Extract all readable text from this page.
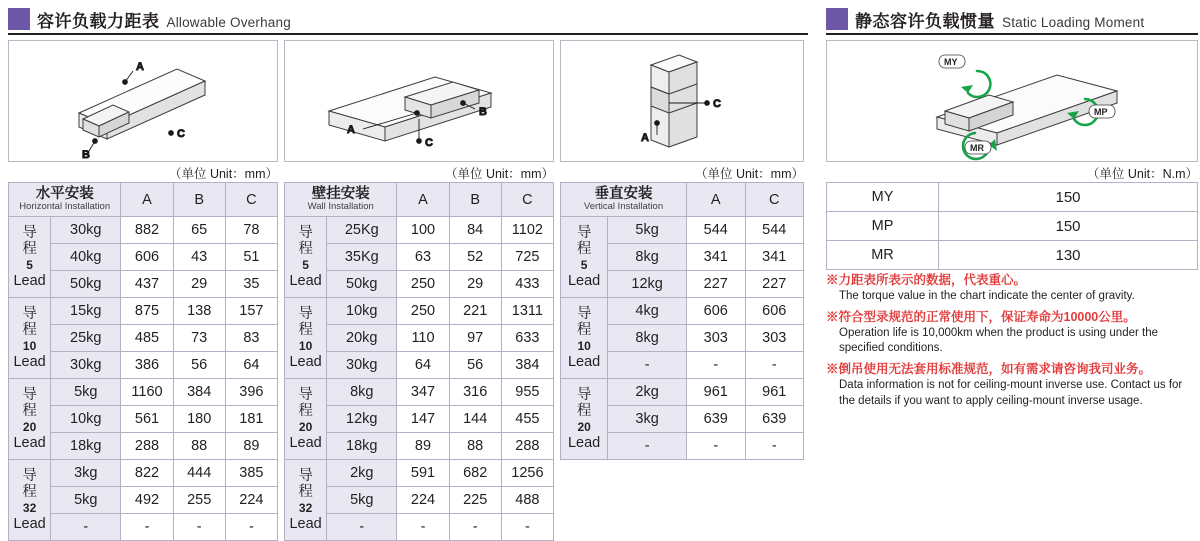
容许负载力距表 Allowable Overhang	静态容许负载惯量 Static Loading Moment
A
C
B
（单位 Unit：mm）
A
B
C
（单位 Unit：mm）
C
A
（单位 Unit：mm）
MY
MP
MR
（单位 Unit：N.m）
水平安装
Horizontal Installation		A	B	C
导
程
5
Lead	30kg	882	65	78
	40kg	606	43	51
	50kg	437	29	35
导
程
10
Lead	15kg	875	138	157
	25kg	485	73	83
	30kg	386	56	64
导
程
20
Lead	5kg	1160	384	396
	10kg	561	180	181
	18kg	288	88	89
导
程
32
Lead	3kg	822	444	385
	5kg	492	255	224
	-	-	-	-
壁挂安装
Wall Installation		A	B	C
导
程
5
Lead	25Kg	100	84	1102
	35Kg	63	52	725
	50kg	250	29	433
导
程
10
Lead	10kg	250	221	1311
	20kg	110	97	633
	30kg	64	56	384
导
程
20
Lead	8kg	347	316	955
	12kg	147	144	455
	18kg	89	88	288
导
程
32
Lead	2kg	591	682	1256
	5kg	224	225	488
	-	-	-	-
垂直安装
Vertical Installation		A	C
导
程
5
Lead	5kg	544	544
	8kg	341	341
	12kg	227	227
导
程
10
Lead	4kg	606	606
	8kg	303	303
	-	-	-
导
程
20
Lead	2kg	961	961
	3kg	639	639
	-	-	-
MY	150
MP	150
MR	130
※力距表所表示的数据，代表重心。
The torque value in the chart indicate the center of gravity.
※符合型录规范的正常使用下，保证寿命为10000公里。
Operation life is 10,000km when the product is using under the specified conditions.
※倒吊使用无法套用标准规范，如有需求请咨询我司业务。
Data information is not for ceiling-mount inverse use. Contact us for the details if you want to apply ceiling-mount inverse usage.
